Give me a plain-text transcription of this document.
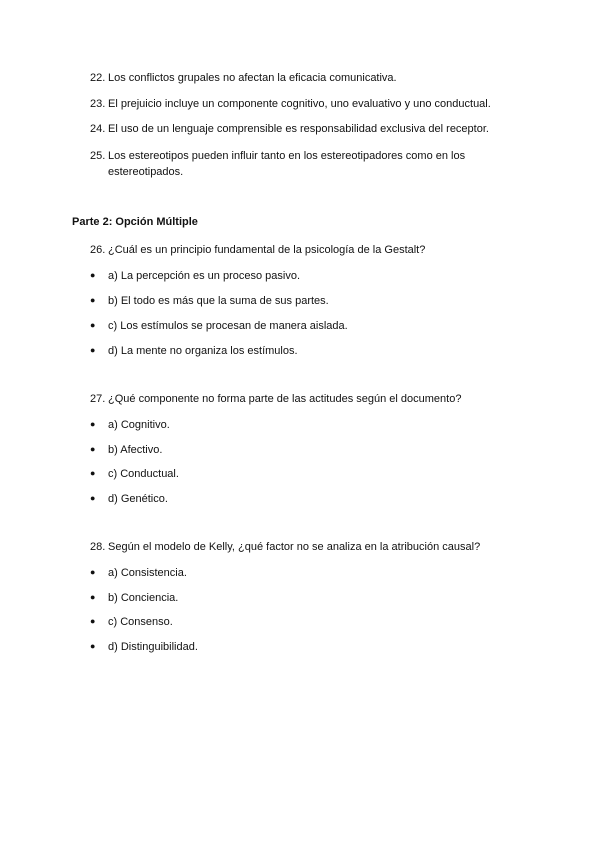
22. Los conflictos grupales no afectan la eficacia comunicativa.
23. El prejuicio incluye un componente cognitivo, uno evaluativo y uno conductual.
24. El uso de un lenguaje comprensible es responsabilidad exclusiva del receptor.
25. Los estereotipos pueden influir tanto en los estereotipadores como en los
estereotipados.
Parte 2: Opción Múltiple
26. ¿Cuál es un principio fundamental de la psicología de la Gestalt?
● a) La percepción es un proceso pasivo.
● b) El todo es más que la suma de sus partes.
● c) Los estímulos se procesan de manera aislada.
● d) La mente no organiza los estímulos.
27. ¿Qué componente no forma parte de las actitudes según el documento?
● a) Cognitivo.
● b) Afectivo.
● c) Conductual.
● d) Genético.
28. Según el modelo de Kelly, ¿qué factor no se analiza en la atribución causal?
● a) Consistencia.
● b) Conciencia.
● c) Consenso.
● d) Distinguibilidad.
